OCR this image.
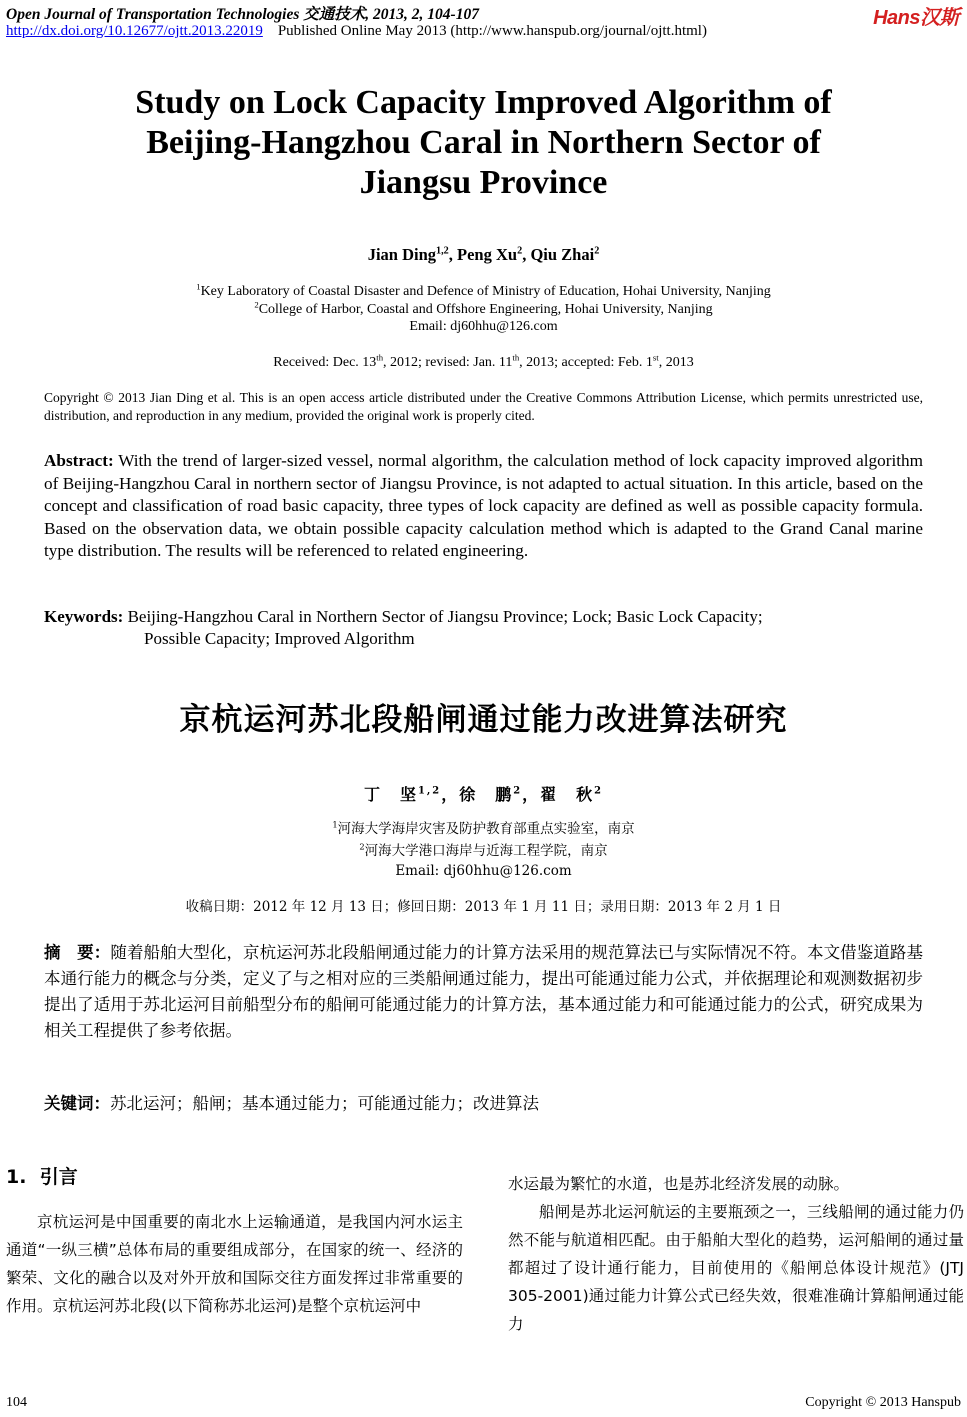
Open Journal of Transportation Technologies 交通技术, 2013, 2, 104-107
http://dx.doi.org/10.12677/ojtt.2013.22019 Published Online May 2013 (http://www.hanspub.org/journal/ojtt.html)
Hans汉斯
Study on Lock Capacity Improved Algorithm of
Beijing-Hangzhou Caral in Northern Sector of
Jiangsu Province
Jian Ding$^{1,2}$, Peng Xu$^2$, Qiu Zhai$^2$
$^1$Key Laboratory of Coastal Disaster and Defence of Ministry of Education, Hohai University, Nanjing
$^2$College of Harbor, Coastal and Offshore Engineering, Hohai University, Nanjing
Email: dj60hhu@126.com
Received: Dec. 13th, 2012; revised: Jan. 11th, 2013; accepted: Feb. 1st, 2013
Copyright © 2013 Jian Ding et al. This is an open access article distributed under the Creative Commons Attribution License, which permits unrestricted use, distribution, and reproduction in any medium, provided the original work is properly cited.
Abstract: With the trend of larger-sized vessel, normal algorithm, the calculation method of lock capacity improved algorithm of Beijing-Hangzhou Caral in northern sector of Jiangsu Province, is not adapted to actual situation. In this article, based on the concept and classification of road basic capacity, three types of lock capacity are defined as well as possible capacity formula. Based on the observation data, we obtain possible capacity calculation method which is adapted to the Grand Canal marine type distribution. The results will be referenced to related engineering.
Keywords: Beijing-Hangzhou Caral in Northern Sector of Jiangsu Province; Lock; Basic Lock Capacity;
Possible Capacity; Improved Algorithm
京杭运河苏北段船闸通过能力改进算法研究
丁　坚$^{1,2}$，徐　鹏$^2$，翟　秋$^2$
$^1$河海大学海岸灾害及防护教育部重点实验室，南京
$^2$河海大学港口海岸与近海工程学院，南京
Email: dj60hhu@126.com
收稿日期：2012 年 12 月 13 日；修回日期：2013 年 1 月 11 日；录用日期：2013 年 2 月 1 日
摘　要：随着船舶大型化，京杭运河苏北段船闸通过能力的计算方法采用的规范算法已与实际情况不符。本文借鉴道路基本通行能力的概念与分类，定义了与之相对应的三类船闸通过能力，提出可能通过能力公式，并依据理论和观测数据初步提出了适用于苏北运河目前船型分布的船闸可能通过能力的计算方法，基本通过能力和可能通过能力的公式，研究成果为相关工程提供了参考依据。
关键词：苏北运河；船闸；基本通过能力；可能通过能力；改进算法
1. 引言

京杭运河是中国重要的南北水上运输通道，是我国内河水运主通道“一纵三横”总体布局的重要组成部分，在国家的统一、经济的繁荣、文化的融合以及对外开放和国际交往方面发挥过非常重要的作用。京杭运河苏北段(以下简称苏北运河)是整个京杭运河中

水运最为繁忙的水道，也是苏北经济发展的动脉。

船闸是苏北运河航运的主要瓶颈之一，三线船闸的通过能力仍然不能与航道相匹配。由于船舶大型化的趋势，运河船闸的通过量都超过了设计通行能力，目前使用的《船闸总体设计规范》(JTJ 305-2001)通过能力计算公式已经失效，很难准确计算船闸通过能力

104	Copyright © 2013 Hanspub
